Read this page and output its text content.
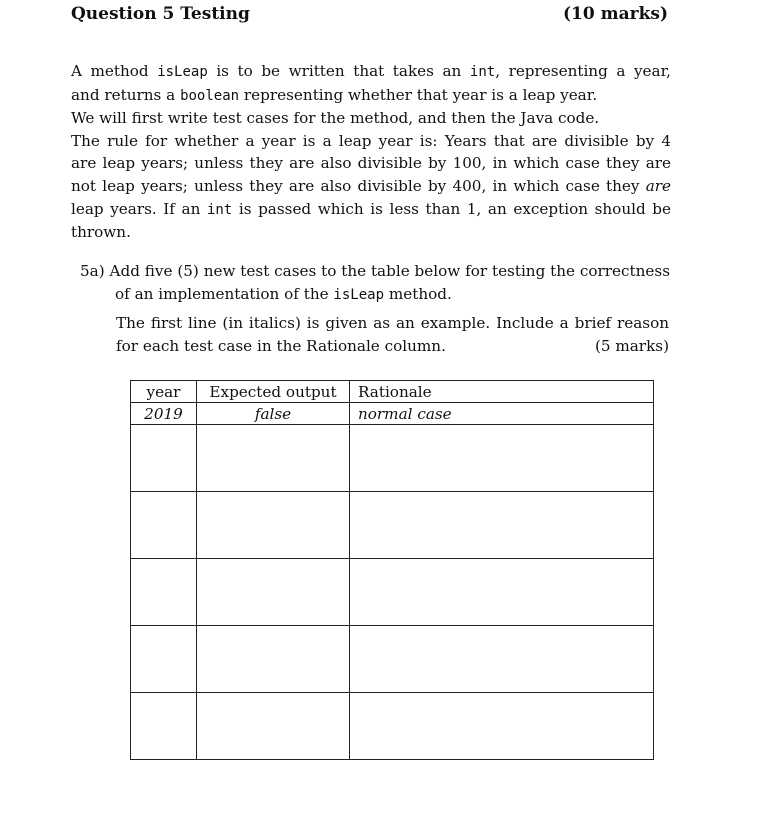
Question 5 Testing	(10 marks)
A method isLeap is to be written that takes an int, representing a year,
and returns a boolean representing whether that year is a leap year.
We will first write test cases for the method, and then the Java code.
The rule for whether a year is a leap year is: Years that are divisible by 4
are leap years; unless they are also divisible by 100, in which case they are
not leap years; unless they are also divisible by 400, in which case they are
leap years. If an int is passed which is less than 1, an exception should be
thrown.
5a) Add five (5) new test cases to the table below for testing the correctness
of an implementation of the isLeap method.
The first line (in italics) is given as an example. Include a brief reason
for each test case in the Rationale column.	(5 marks)
year	Expected output	Rationale
2019	false	normal case
